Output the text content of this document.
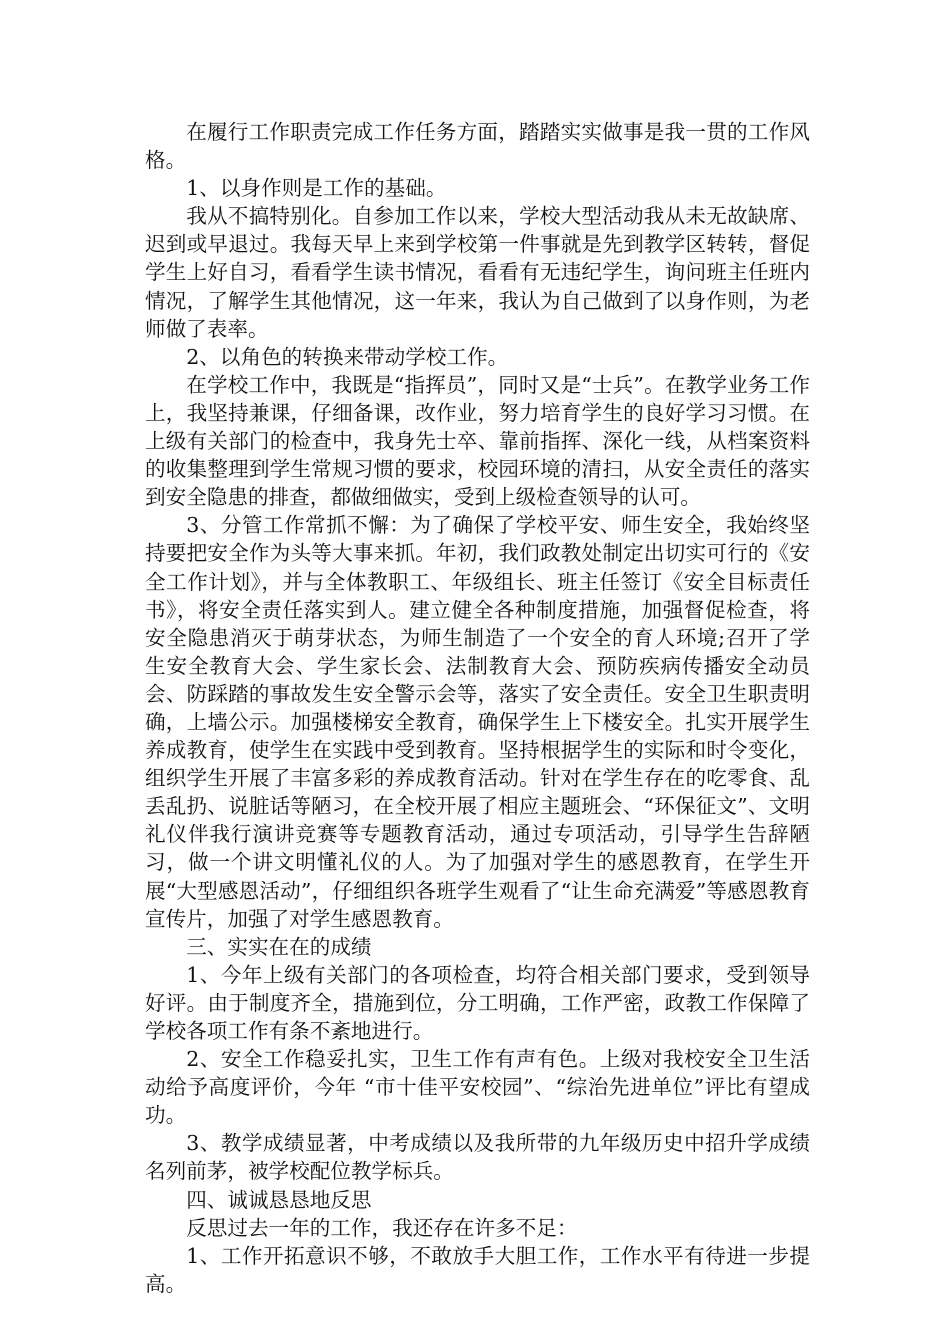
在履行工作职责完成工作任务方面，踏踏实实做事是我一贯的工作风格。

1、以身作则是工作的基础。

我从不搞特别化。自参加工作以来，学校大型活动我从未无故缺席、迟到或早退过。我每天早上来到学校第一件事就是先到教学区转转，督促学生上好自习，看看学生读书情况，看看有无违纪学生，询问班主任班内情况，了解学生其他情况，这一年来，我认为自己做到了以身作则，为老师做了表率。

2、以角色的转换来带动学校工作。

在学校工作中，我既是“指挥员”，同时又是“士兵”。在教学业务工作上，我坚持兼课，仔细备课，改作业，努力培育学生的良好学习习惯。在上级有关部门的检查中，我身先士卒、靠前指挥、深化一线，从档案资料的收集整理到学生常规习惯的要求，校园环境的清扫，从安全责任的落实到安全隐患的排查，都做细做实，受到上级检查领导的认可。

3、分管工作常抓不懈：为了确保了学校平安、师生安全，我始终坚持要把安全作为头等大事来抓。年初，我们政教处制定出切实可行的《安全工作计划》，并与全体教职工、年级组长、班主任签订《安全目标责任书》，将安全责任落实到人。建立健全各种制度措施，加强督促检查，将安全隐患消灭于萌芽状态，为师生制造了一个安全的育人环境;召开了学生安全教育大会、学生家长会、法制教育大会、预防疾病传播安全动员会、防踩踏的事故发生安全警示会等，落实了安全责任。安全卫生职责明确，上墙公示。加强楼梯安全教育，确保学生上下楼安全。扎实开展学生养成教育，使学生在实践中受到教育。坚持根据学生的实际和时令变化，组织学生开展了丰富多彩的养成教育活动。针对在学生存在的吃零食、乱丢乱扔、说脏话等陋习，在全校开展了相应主题班会、“环保征文”、文明礼仪伴我行演讲竞赛等专题教育活动，通过专项活动，引导学生告辞陋习，做一个讲文明懂礼仪的人。为了加强对学生的感恩教育，在学生开展“大型感恩活动”，仔细组织各班学生观看了“让生命充满爱”等感恩教育宣传片，加强了对学生感恩教育。

三、实实在在的成绩

1、今年上级有关部门的各项检查，均符合相关部门要求，受到领导好评。由于制度齐全，措施到位，分工明确，工作严密，政教工作保障了学校各项工作有条不紊地进行。

2、安全工作稳妥扎实，卫生工作有声有色。上级对我校安全卫生活动给予高度评价，今年 “市十佳平安校园”、“综治先进单位”评比有望成功。

3、教学成绩显著，中考成绩以及我所带的九年级历史中招升学成绩名列前茅，被学校配位教学标兵。

四、诚诚恳恳地反思

反思过去一年的工作，我还存在许多不足：

1、工作开拓意识不够，不敢放手大胆工作，工作水平有待进一步提高。
